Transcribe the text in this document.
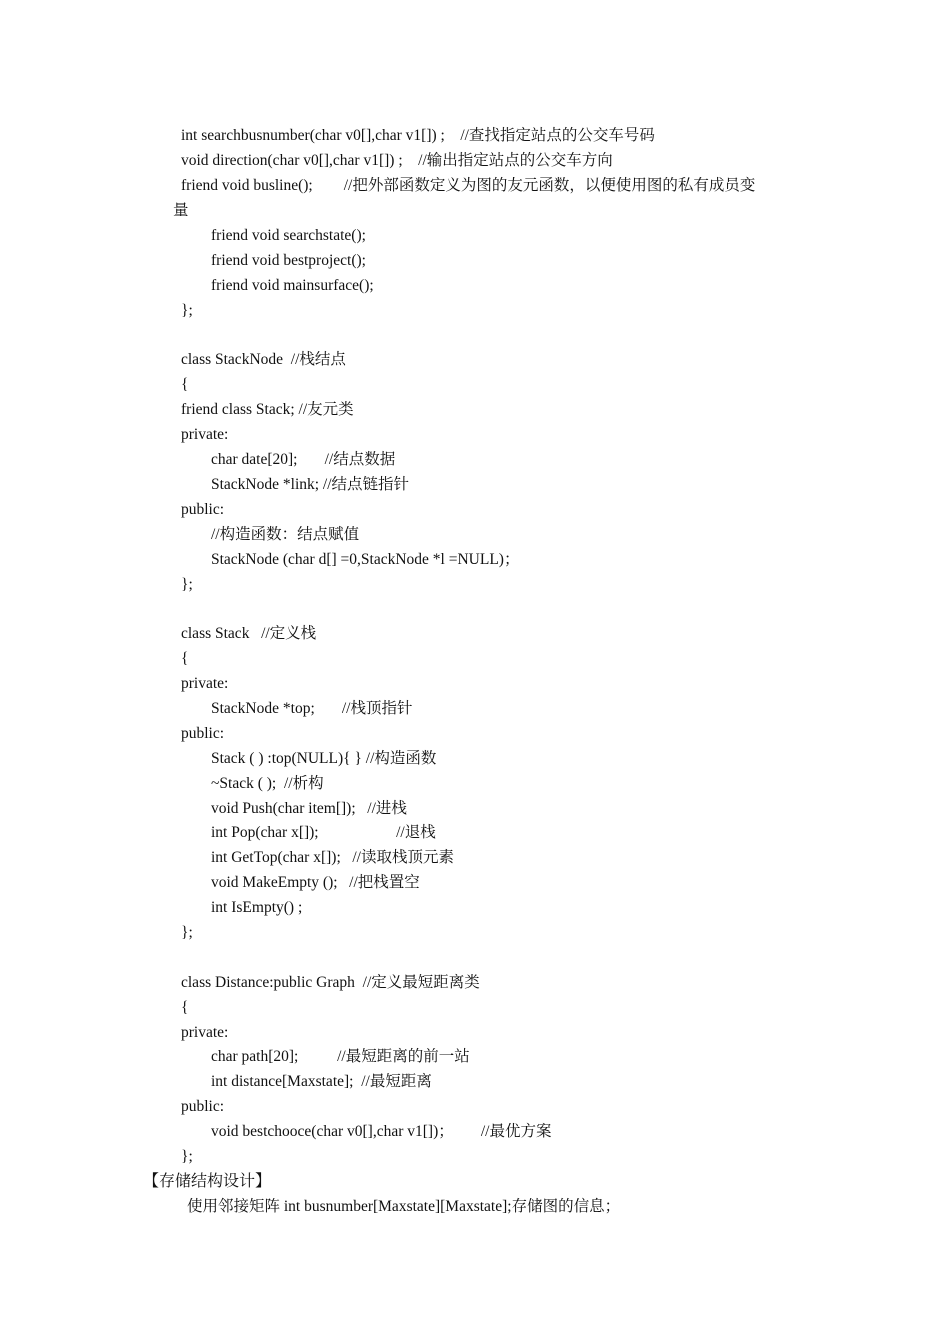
int searchbusnumber(char v0[],char v1[]) ;    //查找指定站点的公交车号码
void direction(char v0[],char v1[]) ;    //输出指定站点的公交车方向
friend void busline();        //把外部函数定义为图的友元函数，以便使用图的私有成员变
量
friend void searchstate();
friend void bestproject();
friend void mainsurface();
};
class StackNode  //栈结点
{
friend class Stack; //友元类
private:
char date[20];       //结点数据
StackNode *link; //结点链指针
public:
//构造函数：结点赋值
StackNode (char d[] =0,StackNode *l =NULL)；
};
class Stack   //定义栈
{
private:
StackNode *top;       //栈顶指针
public:
Stack ( ) :top(NULL){ } //构造函数
~Stack ( );  //析构
void Push(char item[]);   //进栈
int Pop(char x[]);                    //退栈
int GetTop(char x[]);   //读取栈顶元素
void MakeEmpty ();   //把栈置空
int IsEmpty() ;
};
class Distance:public Graph  //定义最短距离类
{
private:
char path[20];          //最短距离的前一站
int distance[Maxstate];  //最短距离
public:
void bestchooce(char v0[],char v1[])；       //最优方案
};
【存储结构设计】
使用邻接矩阵 int busnumber[Maxstate][Maxstate];存储图的信息；
